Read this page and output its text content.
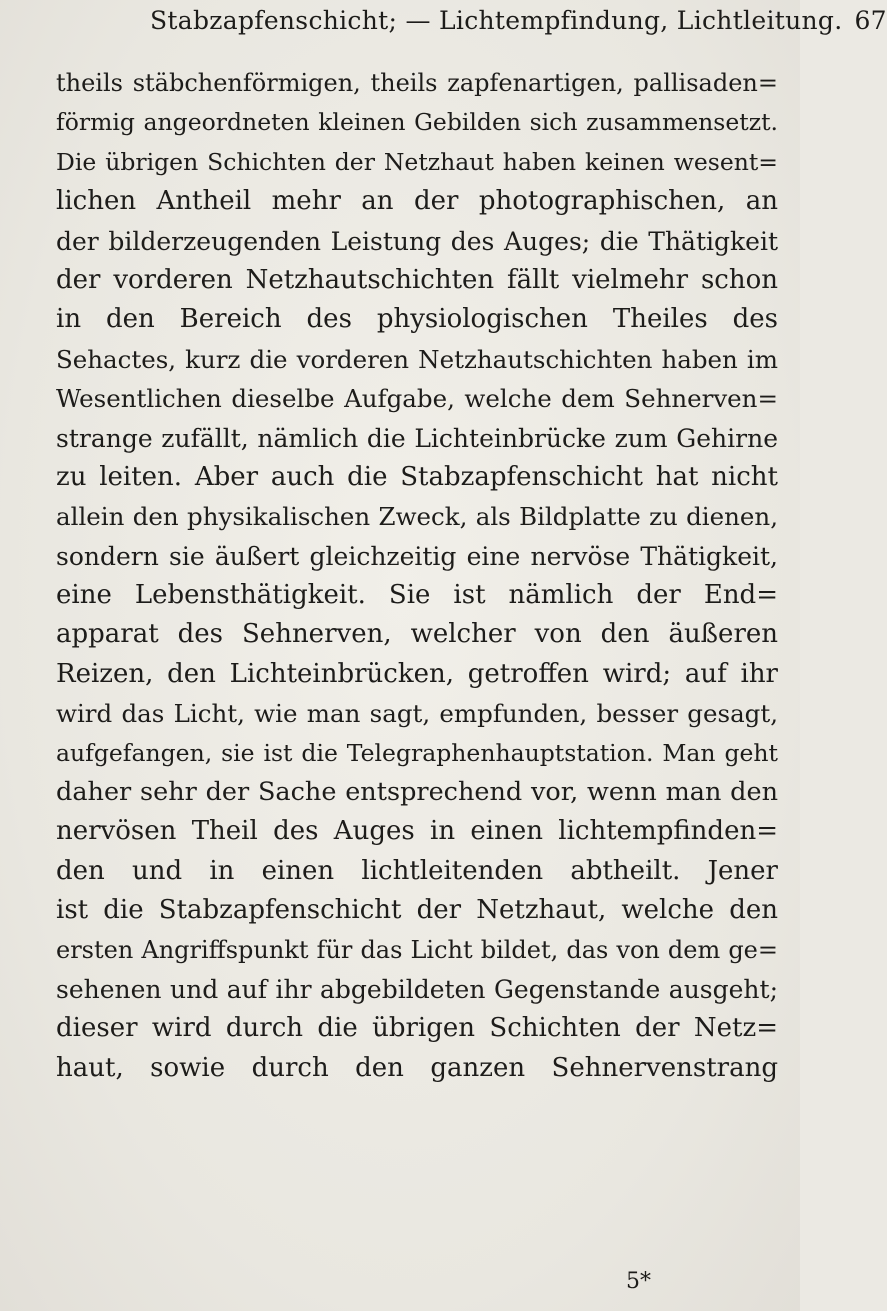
Stabzapfenschicht; — Lichtempfindung, Lichtleitung. 67
theils stäbchenförmigen, theils zapfenartigen, pallisaden=
förmig angeordneten kleinen Gebilden sich zusammensetzt.
Die übrigen Schichten der Netzhaut haben keinen wesent=
lichen Antheil mehr an der photographischen, an
der bilderzeugenden Leistung des Auges; die Thätigkeit
der vorderen Netzhautschichten fällt vielmehr schon
in den Bereich des physiologischen Theiles des
Sehactes, kurz die vorderen Netzhautschichten haben im
Wesentlichen dieselbe Aufgabe, welche dem Sehnerven=
strange zufällt, nämlich die Lichteinbrücke zum Gehirne
zu leiten. Aber auch die Stabzapfenschicht hat nicht
allein den physikalischen Zweck, als Bildplatte zu dienen,
sondern sie äußert gleichzeitig eine nervöse Thätigkeit,
eine Lebensthätigkeit. Sie ist nämlich der End=
apparat des Sehnerven, welcher von den äußeren
Reizen, den Lichteinbrücken, getroffen wird; auf ihr
wird das Licht, wie man sagt, empfunden, besser gesagt,
aufgefangen, sie ist die Telegraphenhauptstation. Man geht
daher sehr der Sache entsprechend vor, wenn man den
nervösen Theil des Auges in einen lichtempfinden=
den und in einen lichtleitenden abtheilt. Jener
ist die Stabzapfenschicht der Netzhaut, welche den
ersten Angriffspunkt für das Licht bildet, das von dem ge=
sehenen und auf ihr abgebildeten Gegenstande ausgeht;
dieser wird durch die übrigen Schichten der Netz=
haut, sowie durch den ganzen Sehnervenstrang
5*
